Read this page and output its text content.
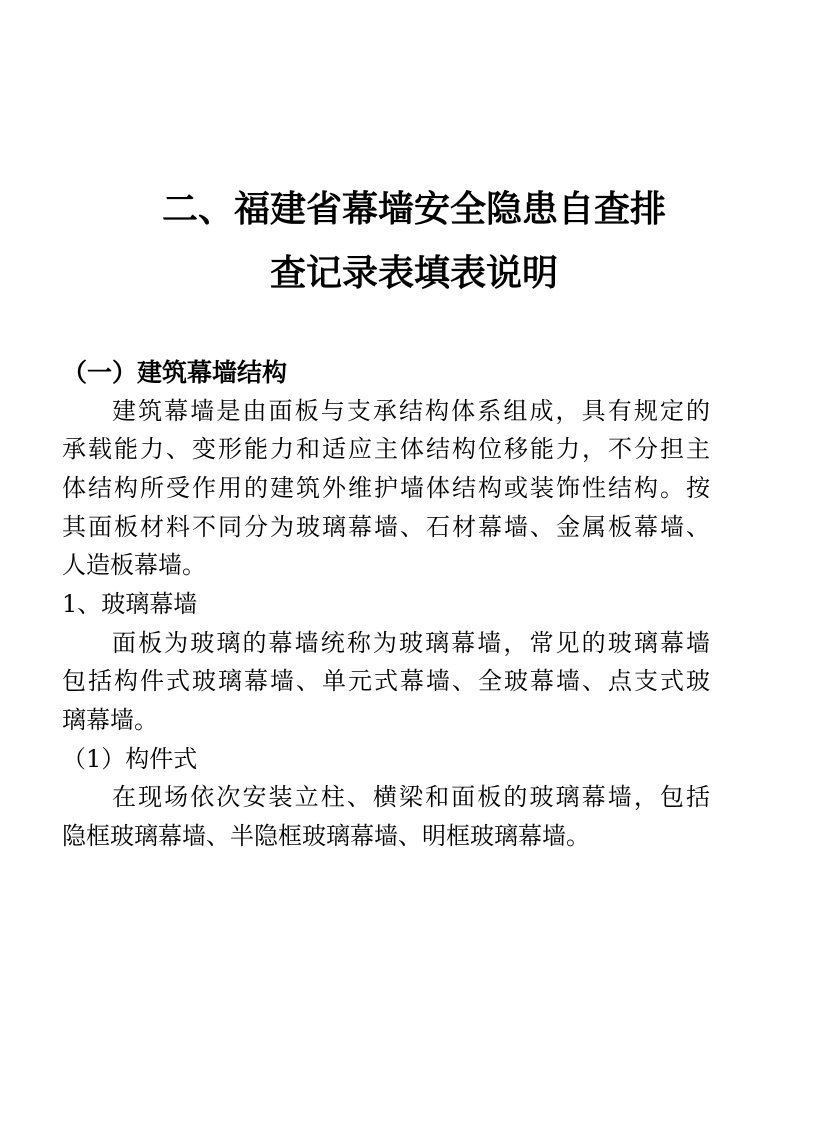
二、福建省幕墙安全隐患自查排
查记录表填表说明
（一）建筑幕墙结构

建筑幕墙是由面板与支承结构体系组成，具有规定的

承载能力、变形能力和适应主体结构位移能力，不分担主

体结构所受作用的建筑外维护墙体结构或装饰性结构。按

其面板材料不同分为玻璃幕墙、石材幕墙、金属板幕墙、

人造板幕墙。

1、玻璃幕墙

面板为玻璃的幕墙统称为玻璃幕墙，常见的玻璃幕墙

包括构件式玻璃幕墙、单元式幕墙、全玻幕墙、点支式玻

璃幕墙。

（1）构件式

在现场依次安装立柱、横梁和面板的玻璃幕墙，包括

隐框玻璃幕墙、半隐框玻璃幕墙、明框玻璃幕墙。
